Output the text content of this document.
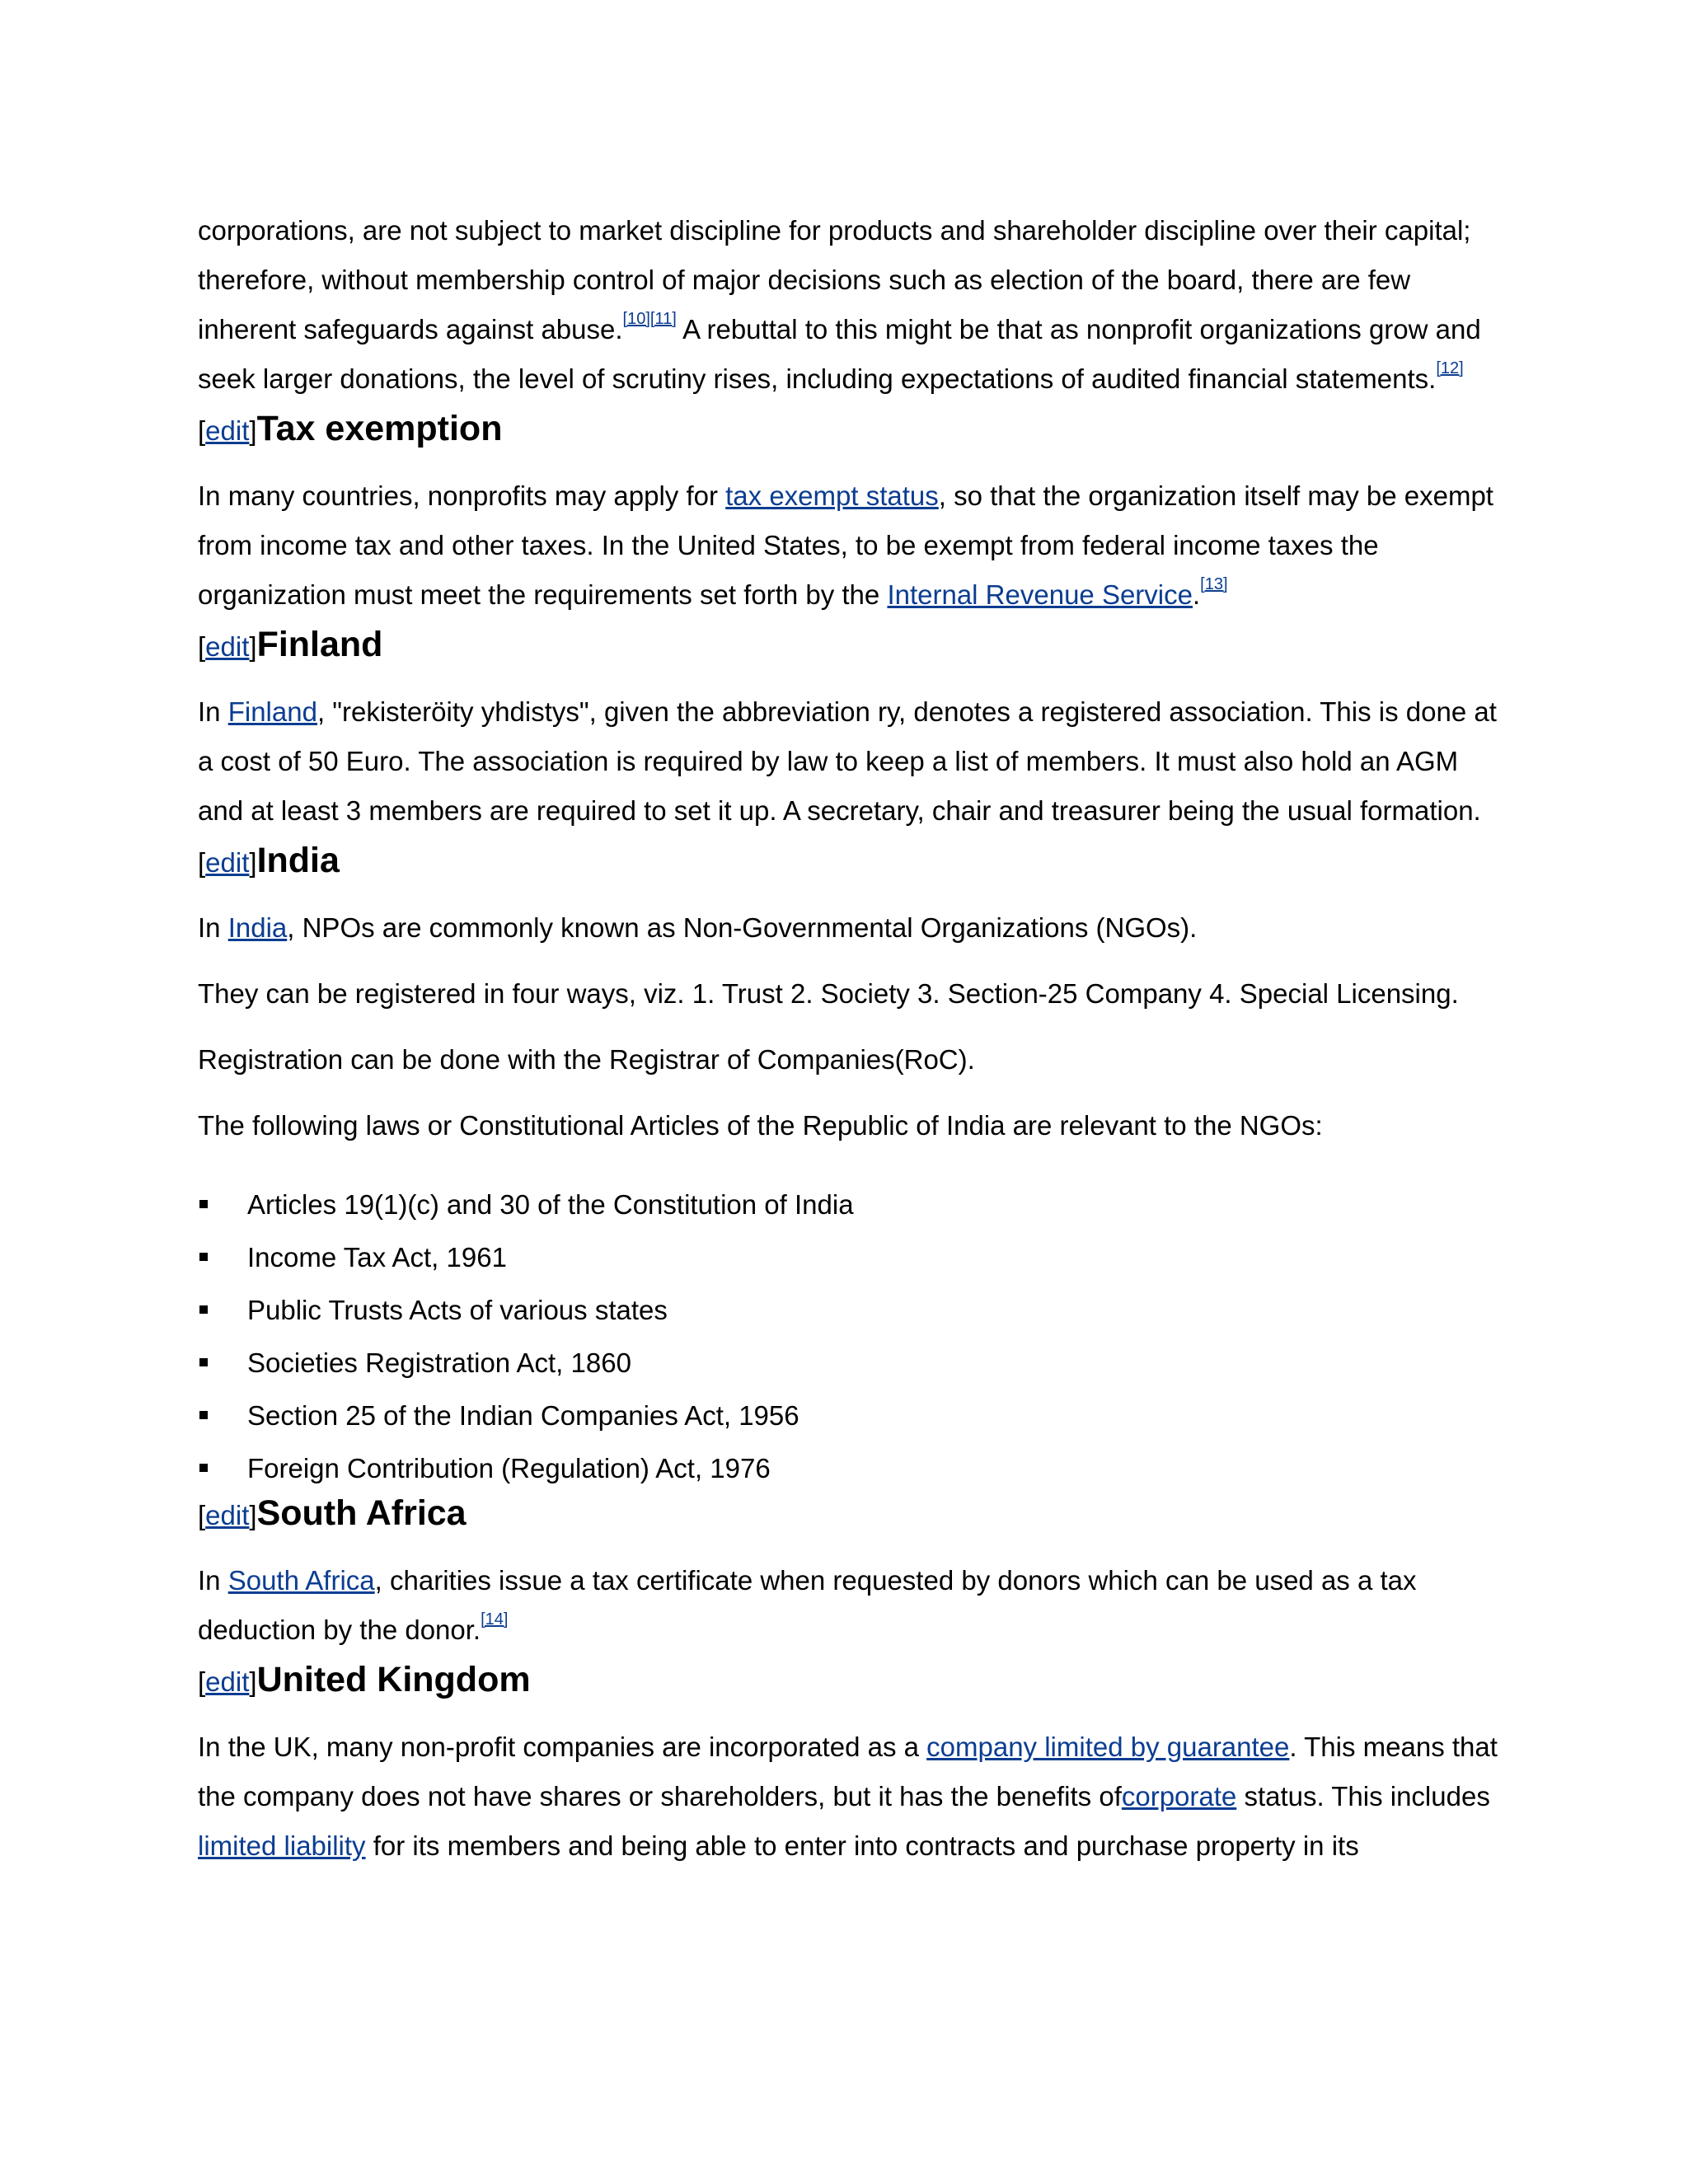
corporations, are not subject to market discipline for products and shareholder discipline over their capital; therefore, without membership control of major decisions such as election of the board, there are few inherent safeguards against abuse.[10][11] A rebuttal to this might be that as nonprofit organizations grow and seek larger donations, the level of scrutiny rises, including expectations of audited financial statements.[12]

[edit]Tax exemption

In many countries, nonprofits may apply for tax exempt status, so that the organization itself may be exempt from income tax and other taxes. In the United States, to be exempt from federal income taxes the organization must meet the requirements set forth by the Internal Revenue Service.[13]

[edit]Finland

In Finland, "rekisteröity yhdistys", given the abbreviation ry, denotes a registered association. This is done at a cost of 50 Euro. The association is required by law to keep a list of members. It must also hold an AGM and at least 3 members are required to set it up. A secretary, chair and treasurer being the usual formation.

[edit]India

In India, NPOs are commonly known as Non-Governmental Organizations (NGOs).

They can be registered in four ways, viz. 1. Trust 2. Society 3. Section-25 Company 4. Special Licensing.

Registration can be done with the Registrar of Companies(RoC).

The following laws or Constitutional Articles of the Republic of India are relevant to the NGOs:

Articles 19(1)(c) and 30 of the Constitution of India
Income Tax Act, 1961
Public Trusts Acts of various states
Societies Registration Act, 1860
Section 25 of the Indian Companies Act, 1956
Foreign Contribution (Regulation) Act, 1976
[edit]South Africa

In South Africa, charities issue a tax certificate when requested by donors which can be used as a tax deduction by the donor.[14]

[edit]United Kingdom

In the UK, many non-profit companies are incorporated as a company limited by guarantee. This means that the company does not have shares or shareholders, but it has the benefits ofcorporate status. This includes limited liability for its members and being able to enter into contracts and purchase property in its
